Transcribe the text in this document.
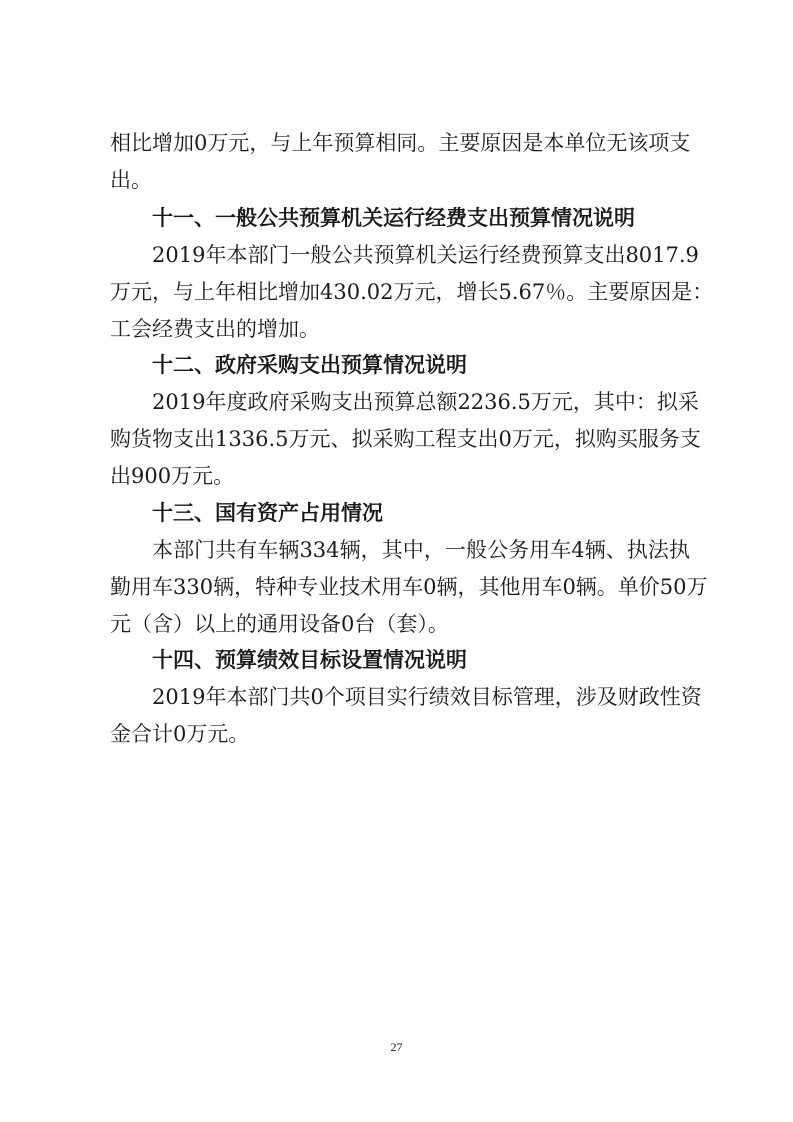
相比增加0万元，与上年预算相同。主要原因是本单位无该项支
出。
十一、一般公共预算机关运行经费支出预算情况说明
2019年本部门一般公共预算机关运行经费预算支出8017.9
万元，与上年相比增加430.02万元，增长5.67％。主要原因是：
工会经费支出的增加。
十二、政府采购支出预算情况说明
2019年度政府采购支出预算总额2236.5万元，其中：拟采
购货物支出1336.5万元、拟采购工程支出0万元，拟购买服务支
出900万元。
十三、国有资产占用情况
本部门共有车辆334辆，其中，一般公务用车4辆、执法执
勤用车330辆，特种专业技术用车0辆，其他用车0辆。单价50万
元（含）以上的通用设备0台（套）。
十四、预算绩效目标设置情况说明
2019年本部门共0个项目实行绩效目标管理，涉及财政性资
金合计0万元。
27
